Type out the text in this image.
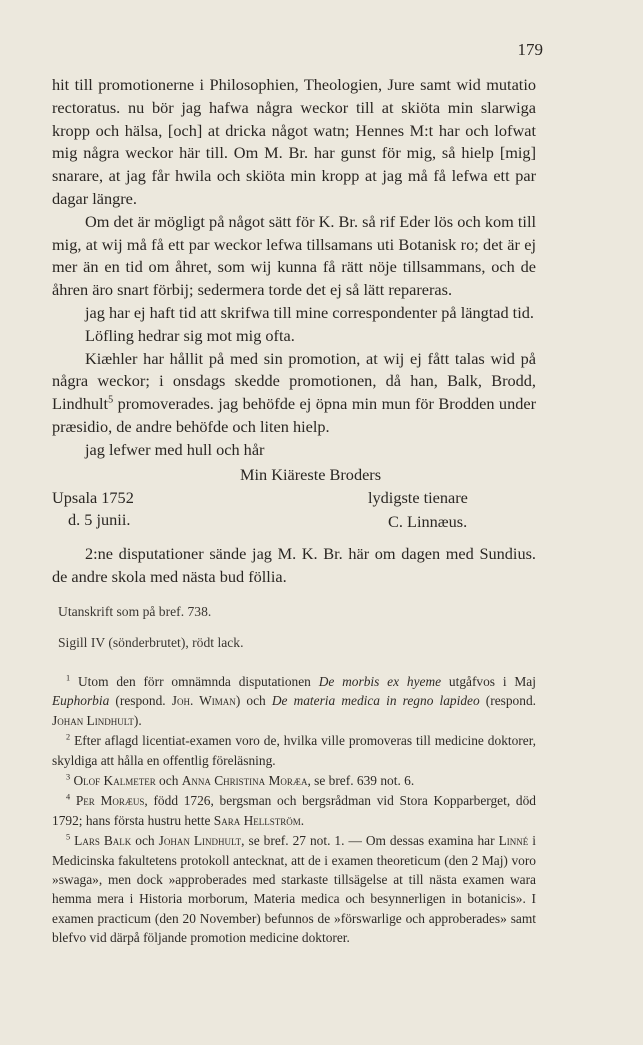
179

hit till promotionerne i Philosophien, Theologien, Jure samt wid mutatio rectoratus. nu bör jag hafwa några weckor till at skiöta min slarwiga kropp och hälsa, [och] at dricka något watn; Hennes M:t har och lofwat mig några weckor här till. Om M. Br. har gunst för mig, så hielp [mig] snarare, at jag får hwila och skiöta min kropp at jag må få lefwa ett par dagar längre.

Om det är mögligt på något sätt för K. Br. så rif Eder lös och kom till mig, at wij må få ett par weckor lefwa tillsamans uti Botanisk ro; det är ej mer än en tid om åhret, som wij kunna få rätt nöje tillsammans, och de åhren äro snart förbij; sedermera torde det ej så lätt repareras.

jag har ej haft tid att skrifwa till mine correspondenter på längtad tid.

Löfling hedrar sig mot mig ofta.

Kiæhler har hållit på med sin promotion, at wij ej fått talas wid på några weckor; i onsdags skedde promotionen, då han, Balk, Brodd, Lindhult$^5$ promoverades. jag behöfde ej öpna min mun för Brodden under præsidio, de andre behöfde och liten hielp.

jag lefwer med hull och hår

Min Kiäreste Broders

Upsala 1752
d. 5 junii.
lydigste tienare
C. Linnæus.

2:ne disputationer sände jag M. K. Br. här om dagen med Sundius. de andre skola med nästa bud föllia.

Utanskrift som på bref. 738.
Sigill IV (sönderbrutet), rödt lack.

$^1$ Utom den förr omnämnda disputationen De morbis ex hyeme utgåfvos i Maj Euphorbia (respond. Joh. Wiman) och De materia medica in regno lapideo (respond. Johan Lindhult).

$^2$ Efter aflagd licentiat-examen voro de, hvilka ville promoveras till medicine doktorer, skyldiga att hålla en offentlig föreläsning.

$^3$ Olof Kalmeter och Anna Christina Moræa, se bref. 639 not. 6.

$^4$ Per Moræus, född 1726, bergsman och bergsrådman vid Stora Kopparberget, död 1792; hans första hustru hette Sara Hellström.

$^5$ Lars Balk och Johan Lindhult, se bref. 27 not. 1. — Om dessas examina har Linné i Medicinska fakultetens protokoll antecknat, att de i examen theoreticum (den 2 Maj) voro »swaga», men dock »approberades med starkaste tillsägelse at till nästa examen wara hemma mera i Historia morborum, Materia medica och besynnerligen in botanicis». I examen practicum (den 20 November) befunnos de »förswarlige och approberades» samt blefvo vid därpå följande promotion medicine doktorer.
